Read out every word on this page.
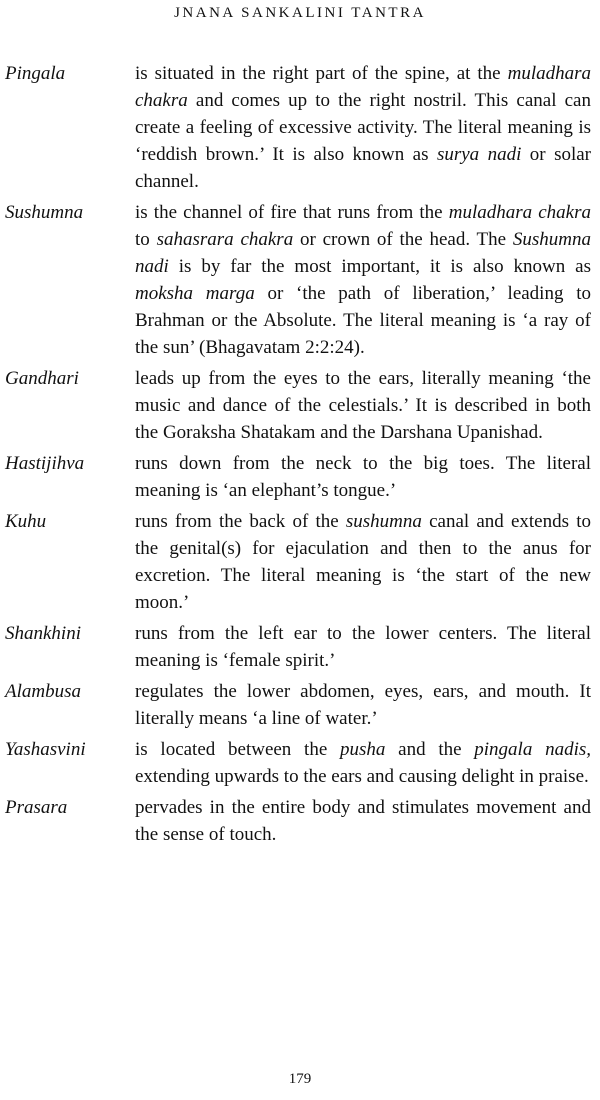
JNANA SANKALINI TANTRA
Pingala	is situated in the right part of the spine, at the muladhara chakra and comes up to the right nostril. This canal can create a feeling of excessive activity. The literal meaning is ‘reddish brown.’ It is also known as surya nadi or solar channel.
Sushumna	is the channel of fire that runs from the muladhara chakra to sahasrara chakra or crown of the head. The Sushumna nadi is by far the most important, it is also known as moksha marga or ‘the path of liberation,’ leading to Brahman or the Absolute. The literal meaning is ‘a ray of the sun’ (Bhagavatam 2:2:24).
Gandhari	leads up from the eyes to the ears, literally meaning ‘the music and dance of the celestials.’ It is described in both the Goraksha Shatakam and the Darshana Upanishad.
Hastijihva	runs down from the neck to the big toes. The literal meaning is ‘an elephant’s tongue.’
Kuhu	runs from the back of the sushumna canal and extends to the genital(s) for ejaculation and then to the anus for excretion. The literal meaning is ‘the start of the new moon.’
Shankhini	runs from the left ear to the lower centers. The literal meaning is ‘female spirit.’
Alambusa	regulates the lower abdomen, eyes, ears, and mouth. It literally means ‘a line of water.’
Yashasvini	is located between the pusha and the pingala nadis, extending upwards to the ears and causing delight in praise.
Prasara	pervades in the entire body and stimulates movement and the sense of touch.
179
